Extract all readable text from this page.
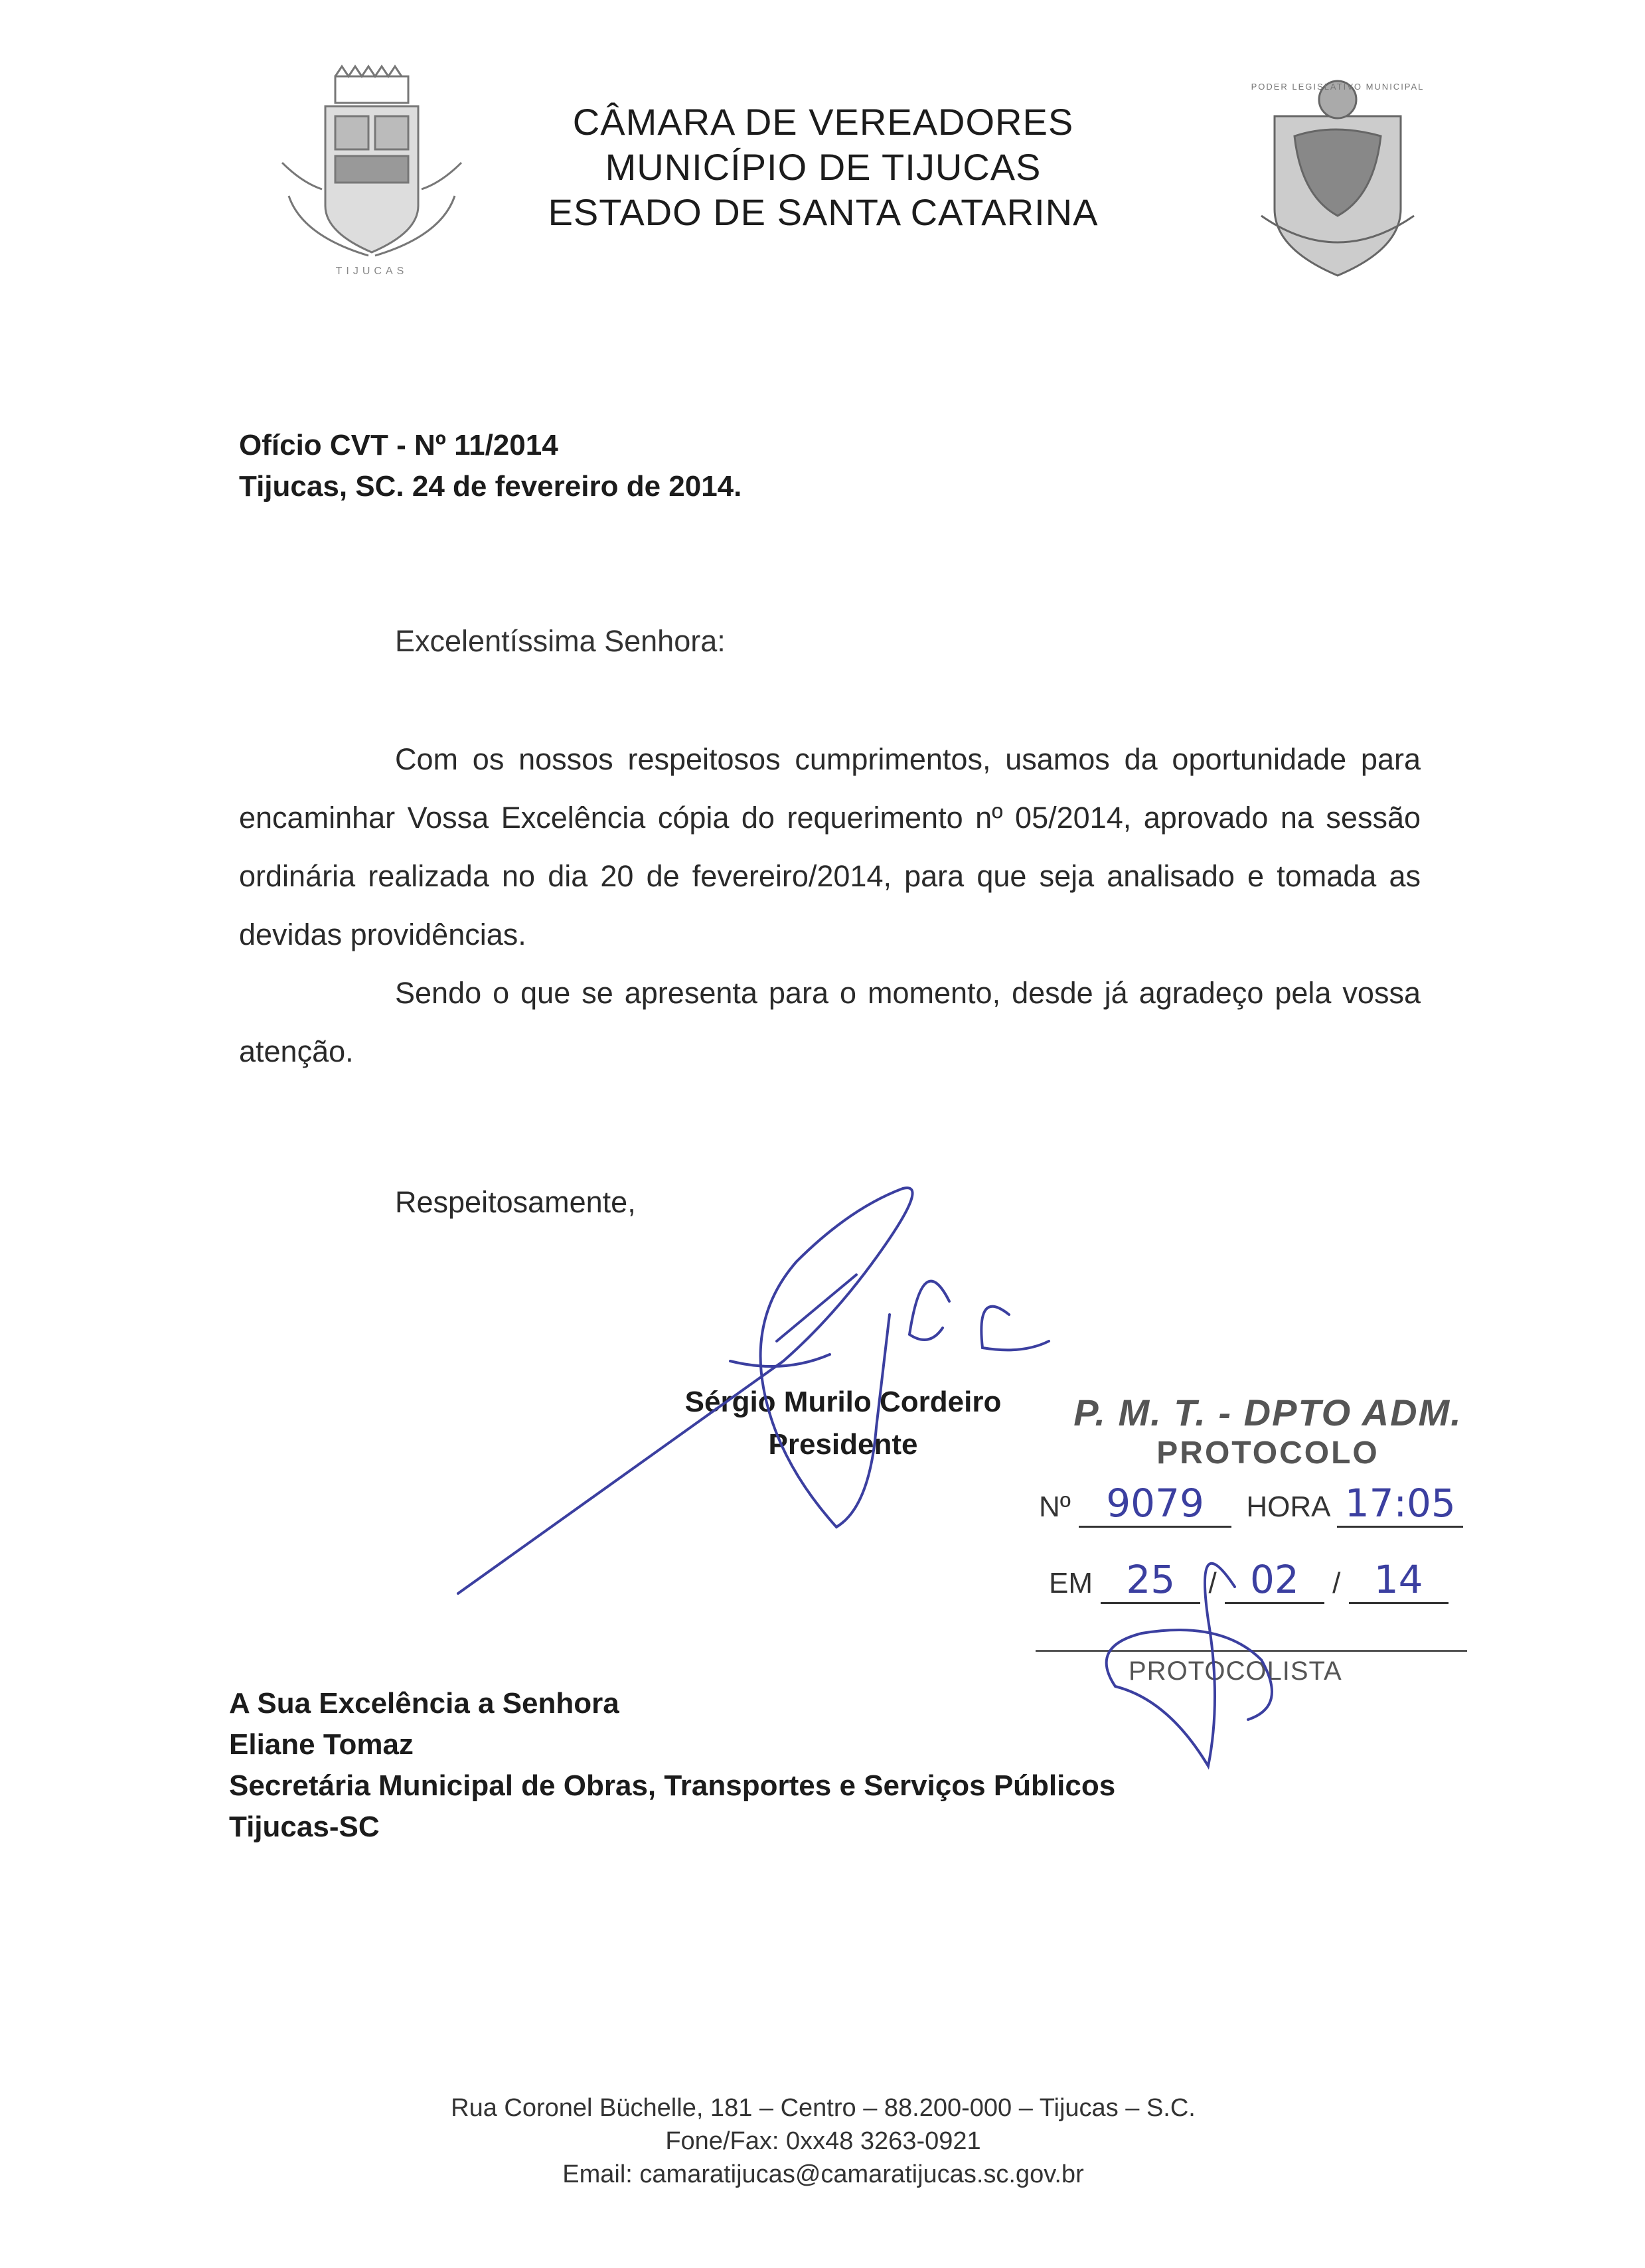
TIJUCAS
PODER LEGISLATIVO MUNICIPAL
CÂMARA DE VEREADORES
MUNICÍPIO DE TIJUCAS
ESTADO DE SANTA CATARINA
Ofício CVT - Nº 11/2014
Tijucas, SC. 24 de fevereiro de 2014.
Excelentíssima Senhora:

Com os nossos respeitosos cumprimentos, usamos da oportunidade para encaminhar Vossa Excelência cópia do requerimento nº 05/2014, aprovado na sessão ordinária realizada no dia 20 de fevereiro/2014, para que seja analisado e tomada as devidas providências.

Sendo o que se apresenta para o momento, desde já agradeço pela vossa atenção.

Respeitosamente,
Sérgio Murilo Cordeiro
Presidente
P. M. T. - DPTO ADM.
PROTOCOLO
Nº 9079 HORA 17:05
EM 25 / 02 / 14
PROTOCOLISTA
A Sua Excelência a Senhora
Eliane Tomaz
Secretária Municipal de Obras, Transportes e Serviços Públicos
Tijucas-SC
Rua Coronel Büchelle, 181 – Centro – 88.200-000 – Tijucas – S.C.
Fone/Fax: 0xx48 3263-0921
Email: camaratijucas@camaratijucas.sc.gov.br
